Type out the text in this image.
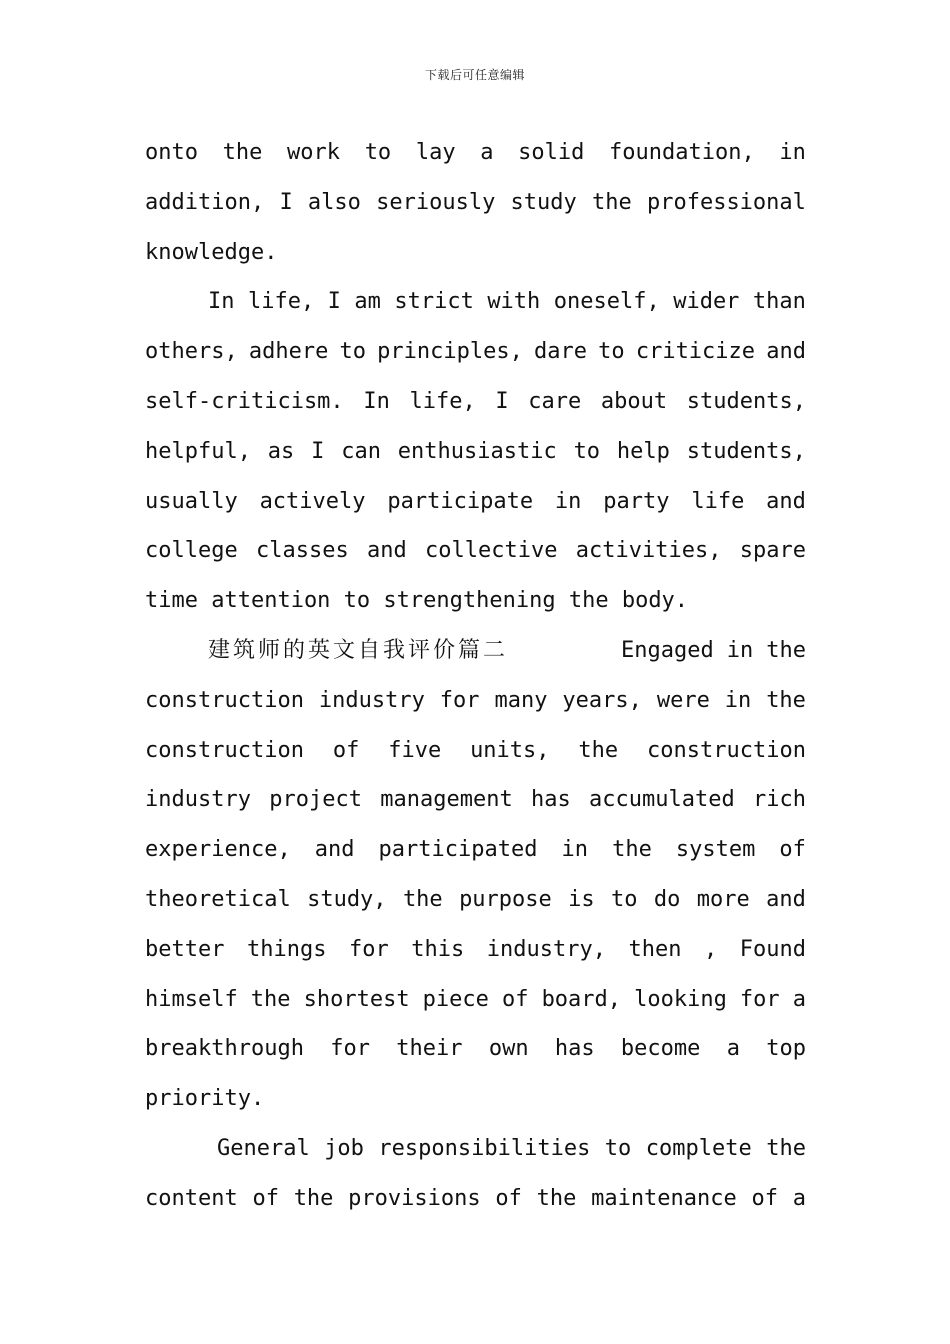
下载后可任意编辑
onto the work to lay a solid foundation, in
addition, I also seriously study the professional
knowledge.
In life, I am strict with oneself, wider than
others, adhere to principles, dare to criticize and
self-criticism. In life, I care about students,
helpful, as I can enthusiastic to help students,
usually actively participate in party life and
college classes and collective activities, spare
time attention to strengthening the body.
建筑师的英文自我评价篇二	Engaged in the
construction industry for many years, were in the
construction of five units, the construction
industry project management has accumulated rich
experience, and participated in the system of
theoretical study, the purpose is to do more and
better things for this industry, then , Found
himself the shortest piece of board, looking for a
breakthrough for their own has become a top
priority.
General job responsibilities to complete the
content of the provisions of the maintenance of a
